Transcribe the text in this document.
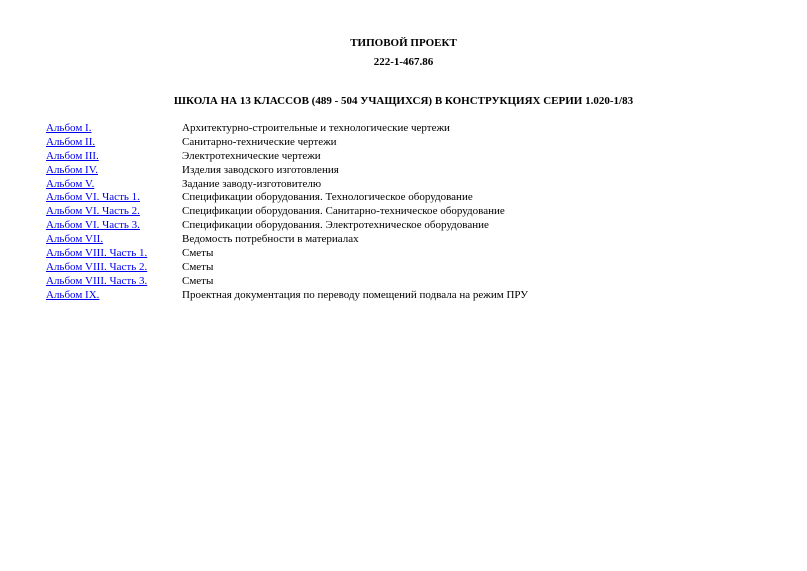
ТИПОВОЙ ПРОЕКТ

222-1-467.86

ШКОЛА НА 13 КЛАССОВ (489 - 504 УЧАЩИХСЯ) В КОНСТРУКЦИЯХ СЕРИИ 1.020-1/83

Альбом I.	Архитектурно-строительные и технологические чертежи
Альбом II.	Санитарно-технические чертежи
Альбом III.	Электротехнические чертежи
Альбом IV.	Изделия заводского изготовления
Альбом V.	Задание заводу-изготовителю
Альбом VI. Часть 1.	Спецификации оборудования. Технологическое оборудование
Альбом VI. Часть 2.	Спецификации оборудования. Санитарно-техническое оборудование
Альбом VI. Часть 3.	Спецификации оборудования. Электротехническое оборудование
Альбом VII.	Ведомость потребности в материалах
Альбом VIII. Часть 1.	Сметы
Альбом VIII. Часть 2.	Сметы
Альбом VIII. Часть 3.	Сметы
Альбом IX.	Проектная документация по переводу помещений подвала на режим ПРУ
